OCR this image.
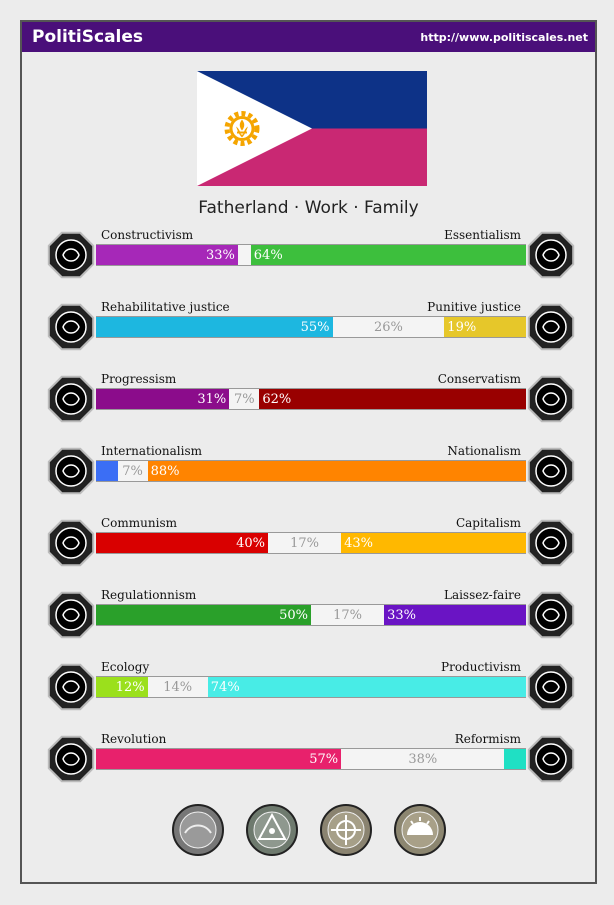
PolitiScales	http://www.politiscales.net
Fatherland · Work · Family
33% 64%
Constructivism	Essentialism
55%	26%	19%
Rehabilitative justice	Punitive justice
31% 7% 62%
Progressism	Conservatism
7% 88%
Internationalism	Nationalism
40%	17%	43%
Communism	Capitalism
50%	17%	33%
Regulationnism	Laissez-faire
12%	14%	74%
Ecology	Productivism
57%	38%
Revolution	Reformism
